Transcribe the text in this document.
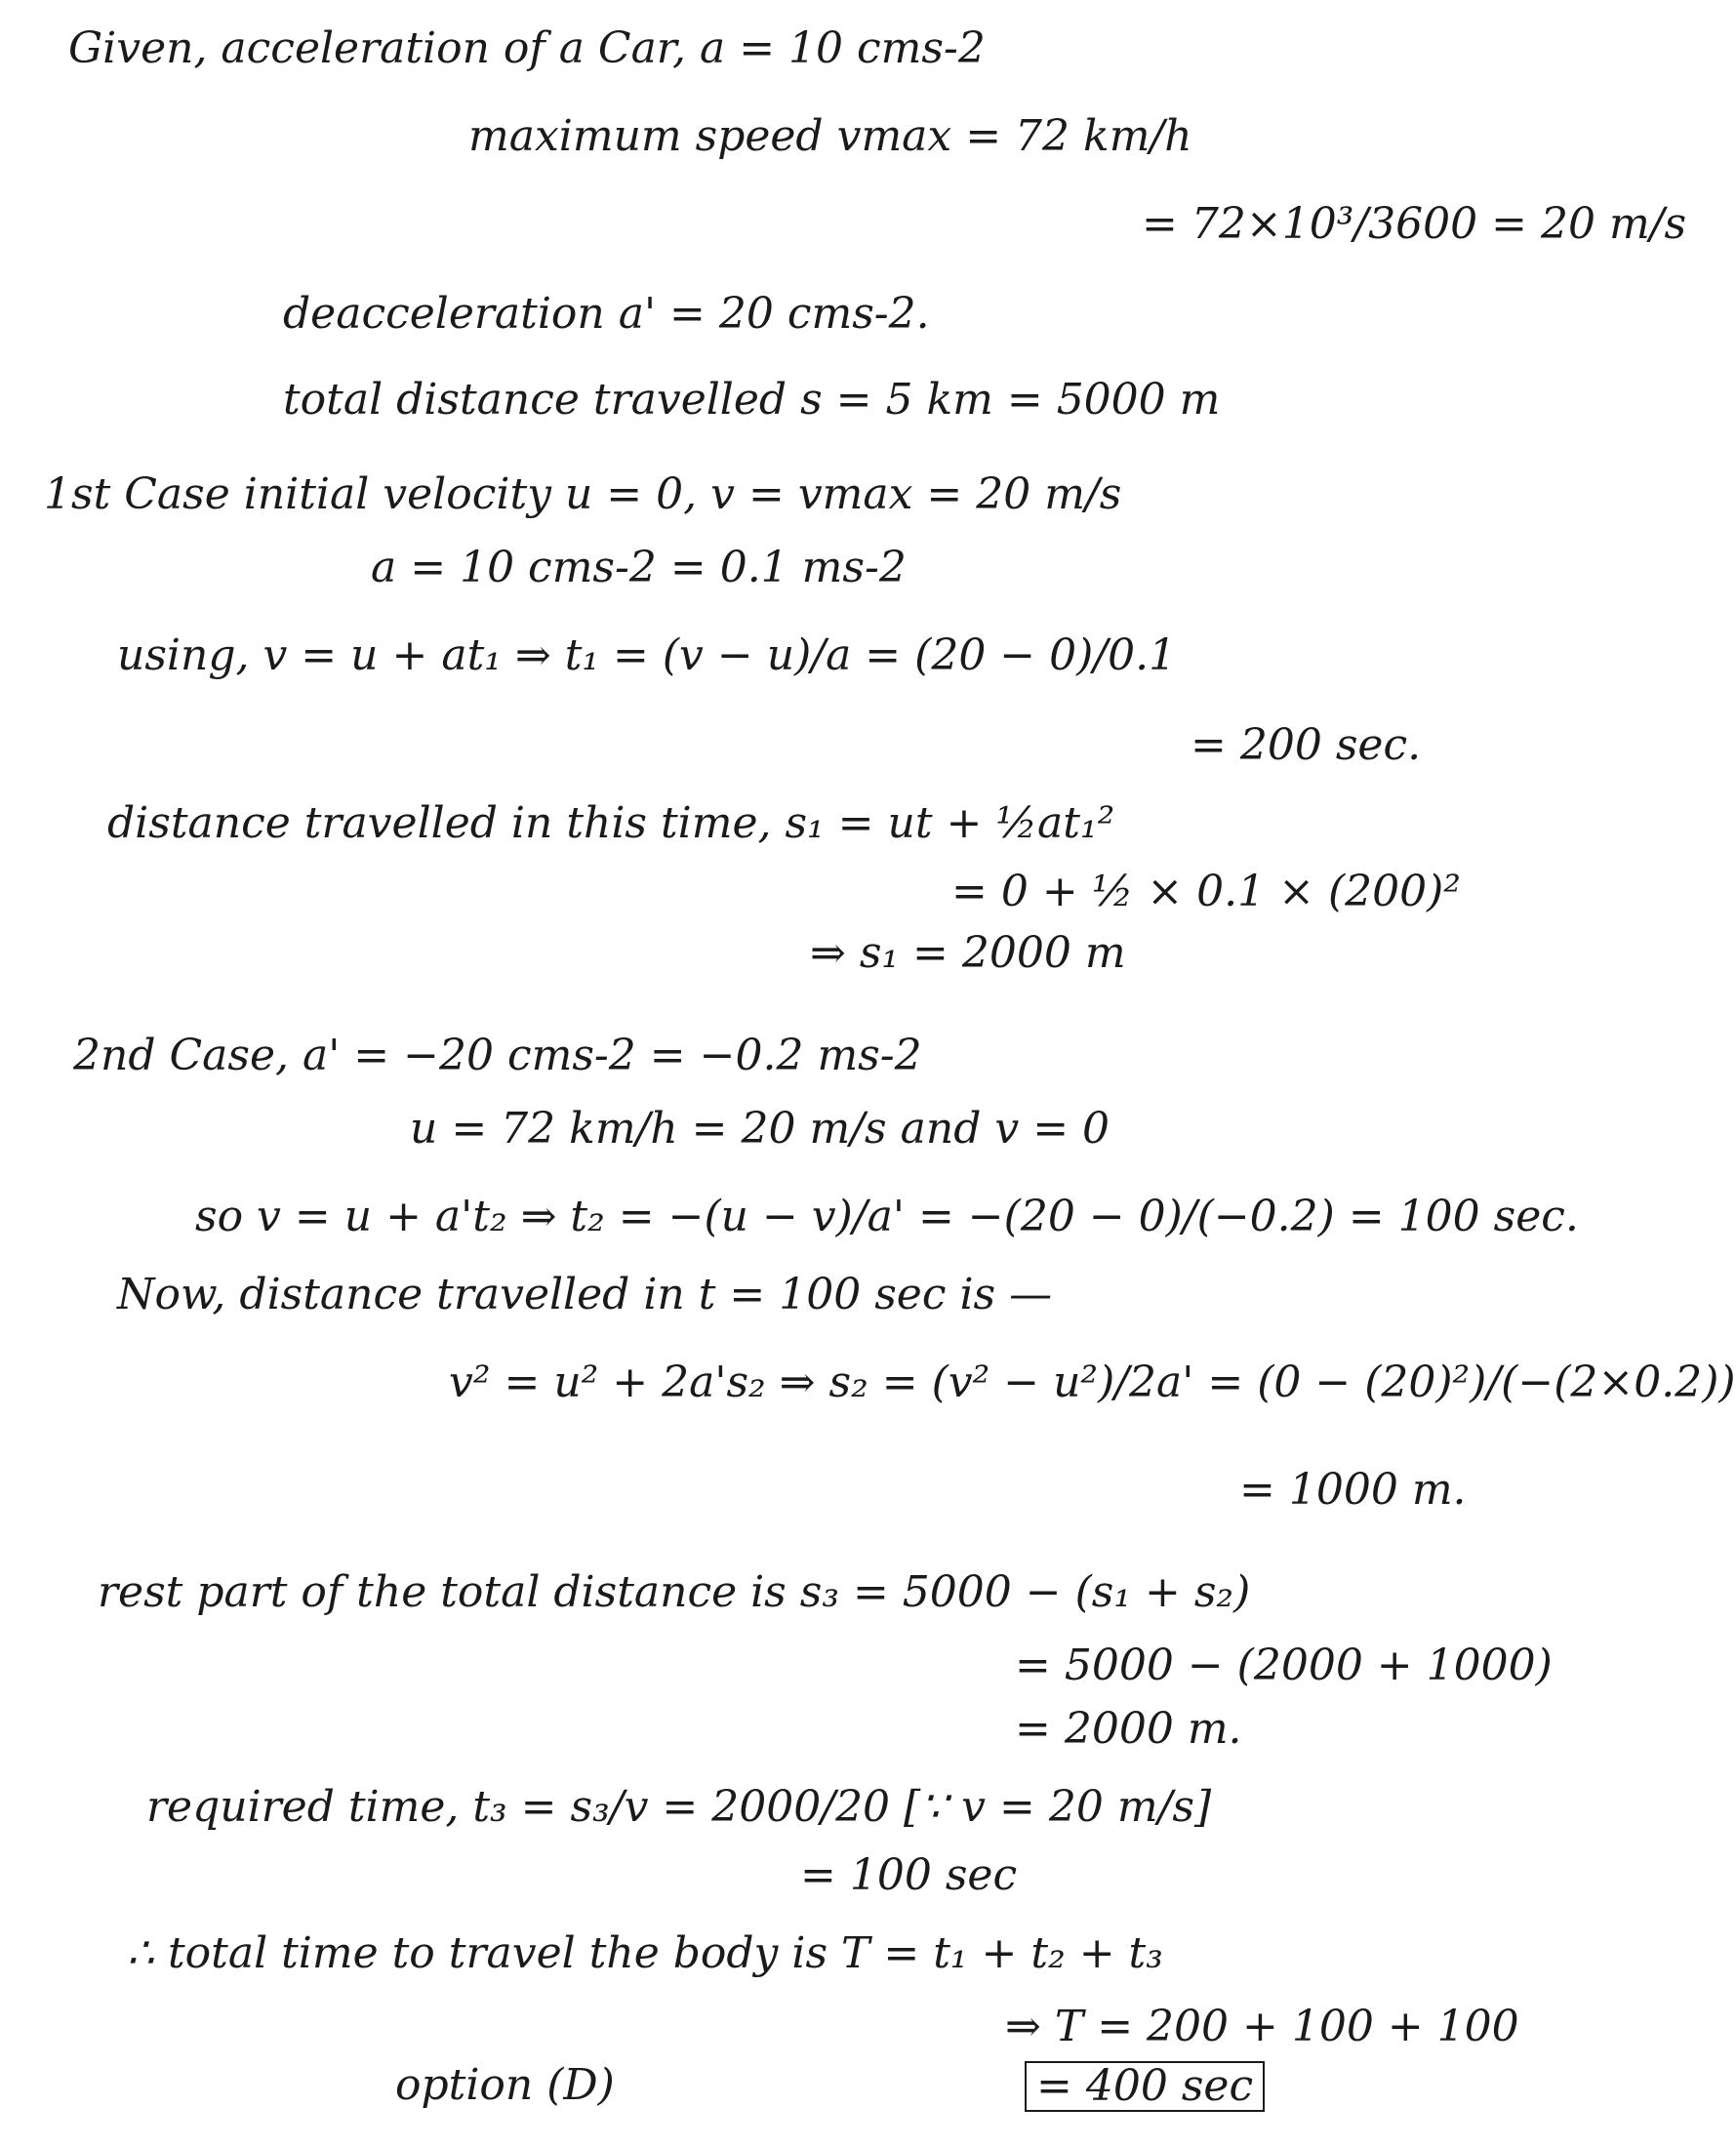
Given, acceleration of a Car, a = 10 cms-2
maximum speed vmax = 72 km/h
= 72×10³/3600 = 20 m/s
deacceleration a' = 20 cms-2.
total distance travelled s = 5 km = 5000 m
1st Case initial velocity u = 0, v = vmax = 20 m/s
a = 10 cms-2 = 0.1 ms-2
using, v = u + at₁ ⇒ t₁ = (v − u)/a = (20 − 0)/0.1
= 200 sec.
distance travelled in this time, s₁ = ut + ½at₁²
= 0 + ½ × 0.1 × (200)²
⇒ s₁ = 2000 m
2nd Case, a' = −20 cms-2 = −0.2 ms-2
u = 72 km/h = 20 m/s and v = 0
so v = u + a't₂ ⇒ t₂ = −(u − v)/a' = −(20 − 0)/(−0.2) = 100 sec.
Now, distance travelled in t = 100 sec is —
v² = u² + 2a's₂ ⇒ s₂ = (v² − u²)/2a' = (0 − (20)²)/(−(2×0.2))
= 1000 m.
rest part of the total distance is s₃ = 5000 − (s₁ + s₂)
= 5000 − (2000 + 1000)
= 2000 m.
required time, t₃ = s₃/v = 2000/20 [∵ v = 20 m/s]
= 100 sec
∴ total time to travel the body is T = t₁ + t₂ + t₃
⇒ T = 200 + 100 + 100
option (D)	= 400 sec
